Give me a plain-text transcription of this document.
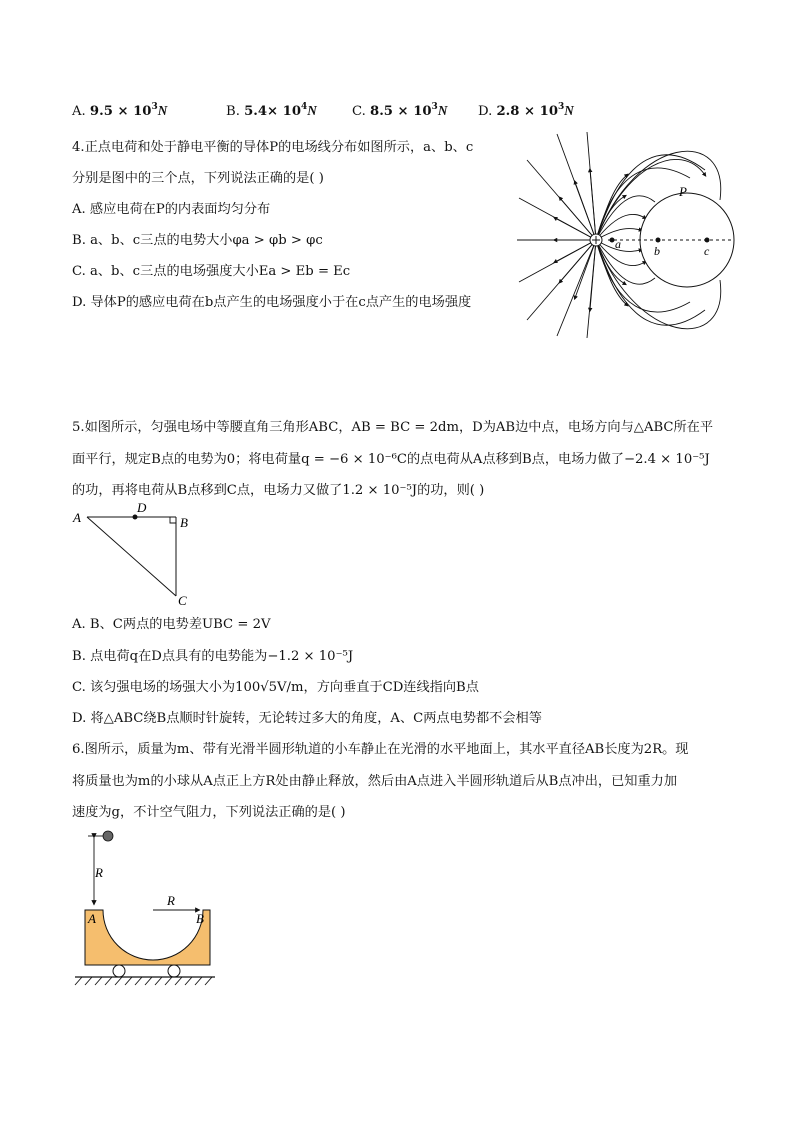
A. $9.5 \times 10^3N$	B. $5.4\times 10^4N$	C. $8.5 \times 10^3N$ D. $2.8 \times 10^3N$
4.正点电荷和处于静电平衡的导体P的电场线分布如图所示，a、b、c
分别是图中的三个点，下列说法正确的是( )
A. 感应电荷在P的内表面均匀分布
B. a、b、c三点的电势大小φa > φb > φc
C. a、b、c三点的电场强度大小Ea > Eb = Ec
D. 导体P的感应电荷在b点产生的电场强度小于在c点产生的电场强度
a	b	c
P
5.如图所示，匀强电场中等腰直角三角形ABC，AB = BC = 2dm，D为AB边中点，电场方向与△ABC所在平
面平行，规定B点的电势为0；将电荷量q = −6 × 10⁻⁶C的点电荷从A点移到B点，电场力做了−2.4 × 10⁻⁵J
的功，再将电荷从B点移到C点，电场力又做了1.2 × 10⁻⁵J的功，则( )
A	B
C
D
A. B、C两点的电势差UBC = 2V
B. 点电荷q在D点具有的电势能为−1.2 × 10⁻⁵J
C. 该匀强电场的场强大小为100√5V/m，方向垂直于CD连线指向B点
D. 将△ABC绕B点顺时针旋转，无论转过多大的角度，A、C两点电势都不会相等
6.图所示，质量为m、带有光滑半圆形轨道的小车静止在光滑的水平地面上，其水平直径AB长度为2R。现
将质量也为m的小球从A点正上方R处由静止释放，然后由A点进入半圆形轨道后从B点冲出，已知重力加
速度为g，不计空气阻力，下列说法正确的是( )
R
R
A	B
